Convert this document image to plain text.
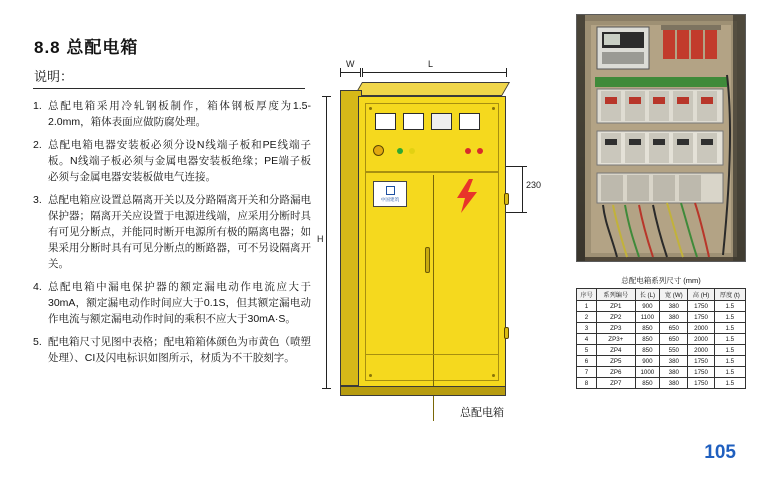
8.8 总配电箱
说明：
1. 总配电箱采用冷轧钢板制作，箱体钢板厚度为1.5-2.0mm，箱体表面应做防腐处理。
2. 总配电箱电器安装板必须分设N线端子板和PE线端子板。N线端子板必须与金属电器安装板绝缘；PE端子板必须与金属电器安装板做电气连接。
3. 总配电箱应设置总隔离开关以及分路隔离开关和分路漏电保护器；隔离开关应设置于电源进线端，应采用分断时具有可见分断点，并能同时断开电源所有极的隔离电器；如果采用分断时具有可见分断点的断路器，可不另设隔离开关。
4. 总配电箱中漏电保护器的额定漏电动作电流应大于30mA，额定漏电动作时间应大于0.1S，但其额定漏电动作电流与额定漏电动作时间的乘积不应大于30mA·S。
5. 配电箱尺寸见图中表格；配电箱箱体颜色为市黄色（喷塑处理）、CI及闪电标识如图所示，材质为不干胶刻字。
W	L
H
230
中国建筑
总配电箱系列尺寸 (mm)
序号	系列编号	长 (L)	宽 (W)	高 (H)	厚度 (t)
1	ZP1	900	380	1750	1.5
2	ZP2	1100	380	1750	1.5
3	ZP3	850	650	2000	1.5
4	ZP3+	850	650	2000	1.5
5	ZP4	850	550	2000	1.5
6	ZP5	900	380	1750	1.5
7	ZP6	1000	380	1750	1.5
8	ZP7	850	380	1750	1.5
总配电箱
105
